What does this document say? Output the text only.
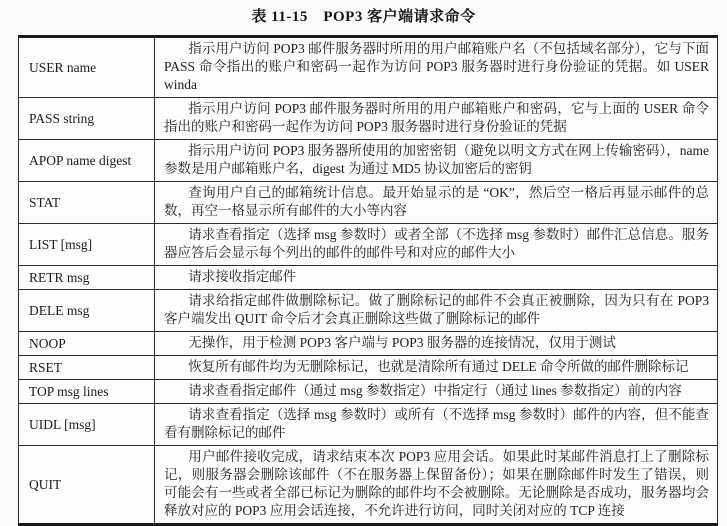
表 11-15　POP3 客户端请求命令
USER name	指示用户访问 POP3 邮件服务器时所用的用户邮箱账户名（不包括域名部分），它与下面 PASS 命令指出的账户和密码一起作为访问 POP3 服务器时进行身份验证的凭据。如 USER winda
PASS string	指示用户访问 POP3 邮件服务器时所用的用户邮箱账户和密码，它与上面的 USER 命令指出的账户和密码一起作为访问 POP3 服务器时进行身份验证的凭据
APOP name digest	指示用户访问 POP3 服务器所使用的加密密钥（避免以明文方式在网上传输密码），name 参数是用户邮箱账户名，digest 为通过 MD5 协议加密后的密钥
STAT	查询用户自己的邮箱统计信息。最开始显示的是 “OK”，然后空一格后再显示邮件的总数，再空一格显示所有邮件的大小等内容
LIST [msg]	请求查看指定（选择 msg 参数时）或者全部（不选择 msg 参数时）邮件汇总信息。服务器应答后会显示每个列出的邮件的邮件号和对应的邮件大小
RETR msg	请求接收指定邮件
DELE msg	请求给指定邮件做删除标记。做了删除标记的邮件不会真正被删除，因为只有在 POP3 客户端发出 QUIT 命令后才会真正删除这些做了删除标记的邮件
NOOP	无操作，用于检测 POP3 客户端与 POP3 服务器的连接情况，仅用于测试
RSET	恢复所有邮件均为无删除标记，也就是清除所有通过 DELE 命令所做的邮件删除标记
TOP msg lines	请求查看指定邮件（通过 msg 参数指定）中指定行（通过 lines 参数指定）前的内容
UIDL [msg]	请求查看指定（选择 msg 参数时）或所有（不选择 msg 参数时）邮件的内容，但不能查看有删除标记的邮件
QUIT	用户邮件接收完成，请求结束本次 POP3 应用会话。如果此时某邮件消息打上了删除标记，则服务器会删除该邮件（不在服务器上保留备份）；如果在删除邮件时发生了错误，则可能会有一些或者全部已标记为删除的邮件均不会被删除。无论删除是否成功，服务器均会释放对应的 POP3 应用会话连接，不允许进行访问，同时关闭对应的 TCP 连接
